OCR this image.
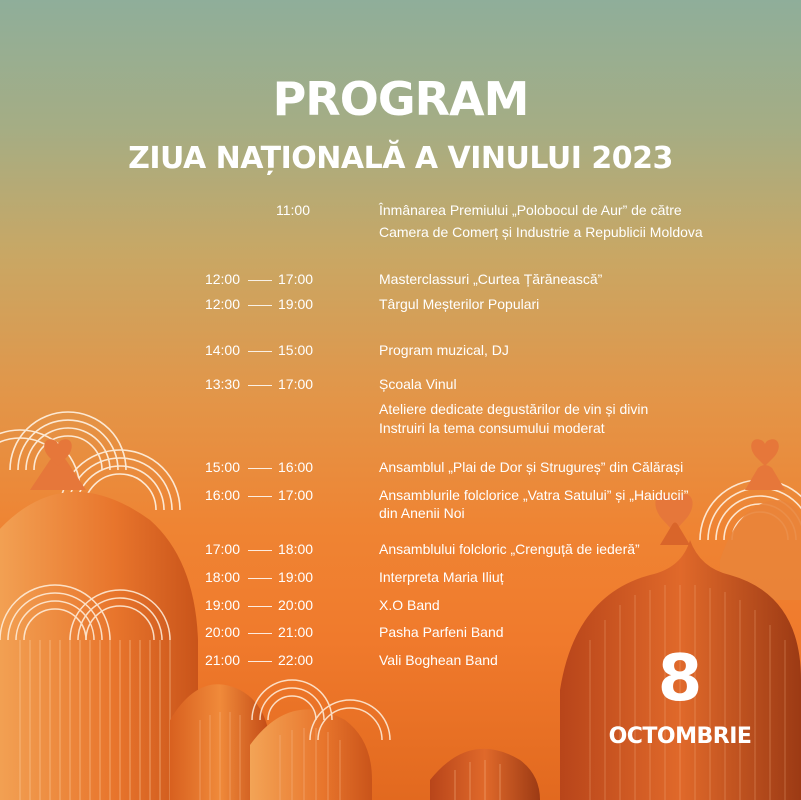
PROGRAM
ZIUA NAȚIONALĂ A VINULUI 2023
11:00	Înmânarea Premiului „Polobocul de Aur” de către
Camera de Comerț și Industrie a Republicii Moldova
12:00	17:00	Masterclassuri „Curtea Țărănească”
12:00	19:00	Târgul Meșterilor Populari
14:00	15:00	Program muzical, DJ
13:30	17:00	Școala Vinul
Ateliere dedicate degustărilor de vin și divin
Instruiri la tema consumului moderat
15:00	16:00	Ansamblul „Plai de Dor și Strugureș” din Călărași
16:00	17:00	Ansamblurile folclorice „Vatra Satului” și „Haiducii”
din Anenii Noi
17:00	18:00	Ansamblului folcloric „Crenguță de iederă”
18:00	19:00	Interpreta Maria Iliuț
19:00	20:00	X.O Band
20:00	21:00	Pasha Parfeni Band
21:00	22:00	Vali Boghean Band 8
OCTOMBRIE
